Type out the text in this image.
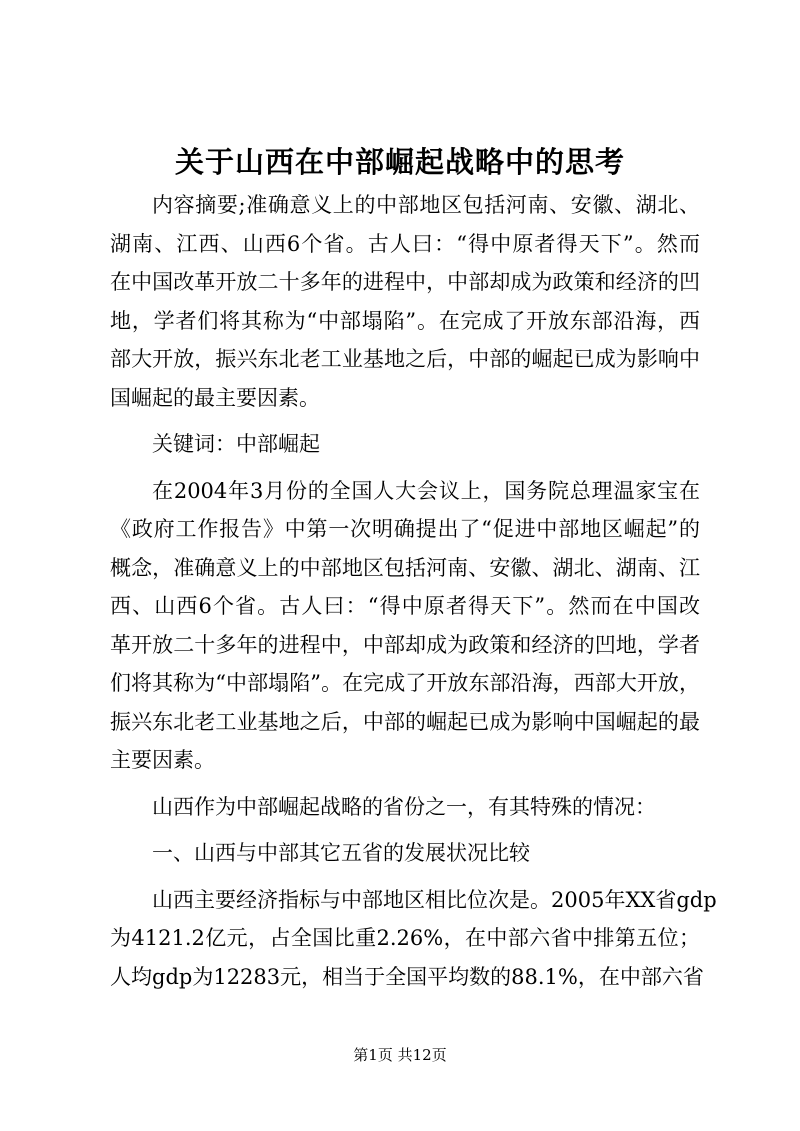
关于山西在中部崛起战略中的思考
内容摘要;准确意义上的中部地区包括河南、安徽、湖北、
湖南、江西、山西6个省。古人曰：“得中原者得天下”。然而
在中国改革开放二十多年的进程中，中部却成为政策和经济的凹
地，学者们将其称为“中部塌陷”。在完成了开放东部沿海，西
部大开放，振兴东北老工业基地之后，中部的崛起已成为影响中
国崛起的最主要因素。
关键词：中部崛起
在2004年3月份的全国人大会议上，国务院总理温家宝在
《政府工作报告》中第一次明确提出了“促进中部地区崛起”的
概念，准确意义上的中部地区包括河南、安徽、湖北、湖南、江
西、山西6个省。古人曰：“得中原者得天下”。然而在中国改
革开放二十多年的进程中，中部却成为政策和经济的凹地，学者
们将其称为“中部塌陷”。在完成了开放东部沿海，西部大开放，
振兴东北老工业基地之后，中部的崛起已成为影响中国崛起的最
主要因素。
山西作为中部崛起战略的省份之一，有其特殊的情况：
一、山西与中部其它五省的发展状况比较
山西主要经济指标与中部地区相比位次是。2005年XX省gdp
为4121.2亿元，占全国比重2.26%，在中部六省中排第五位；
人均gdp为12283元，相当于全国平均数的88.1%，在中部六省
第1页 共12页
